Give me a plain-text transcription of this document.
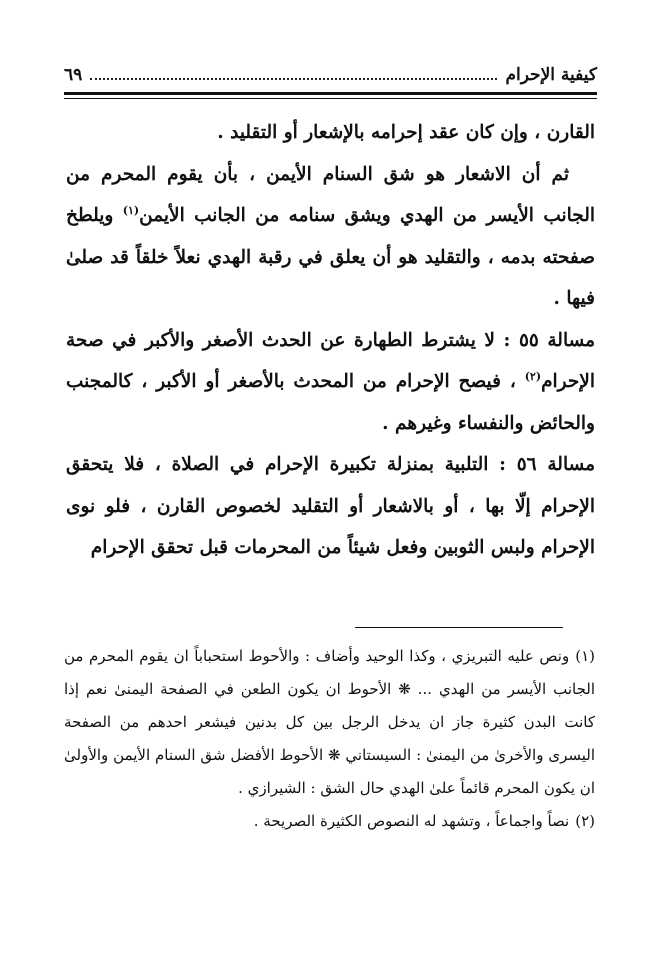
كيفية الإحرام
٦٩

القارن ، وإن كان عقد إحرامه بالإشعار أو التقليد .

ثم أن الاشعار هو شق السنام الأيمن ، بأن يقوم المحرم من الجانب الأيسر من الهدي ويشق سنامه من الجانب الأيمن$^{(١)}$ ويلطخ صفحته بدمه ، والتقليد هو أن يعلق في رقبة الهدي نعلاً خلقاً قد صلىٰ فيها .

مسالة ٥٥ : لا يشترط الطهارة عن الحدث الأصغر والأكبر في صحة الإحرام$^{(٢)}$ ، فيصح الإحرام من المحدث بالأصغر أو الأكبر ، كالمجنب والحائض والنفساء وغيرهم .

مسالة ٥٦ : التلبية بمنزلة تكبيرة الإحرام في الصلاة ، فلا يتحقق الإحرام إلّا بها ، أو بالاشعار أو التقليد لخصوص القارن ، فلو نوى الإحرام ولبس الثوبين وفعل شيئاً من المحرمات قبل تحقق الإحرام

(١)ونص عليه التبريزي ، وكذا الوحيد وأضاف : والأحوط استحباباً ان يقوم المحرم من الجانب الأيسر من الهدي ... ❋ الأحوط ان يكون الطعن في الصفحة اليمنىٰ نعم إذا كانت البدن كثيرة جاز ان يدخل الرجل بين كل بدنين فيشعر احدهم من الصفحة اليسرى والأخرىٰ من اليمنىٰ : السيستاني ❋ الأحوط الأفضل شق السنام الأيمن والأولىٰ ان يكون المحرم قائماً علىٰ الهدي حال الشق : الشيرازي .

(٢)نصاً واجماعاً ، وتشهد له النصوص الكثيرة الصريحة .
